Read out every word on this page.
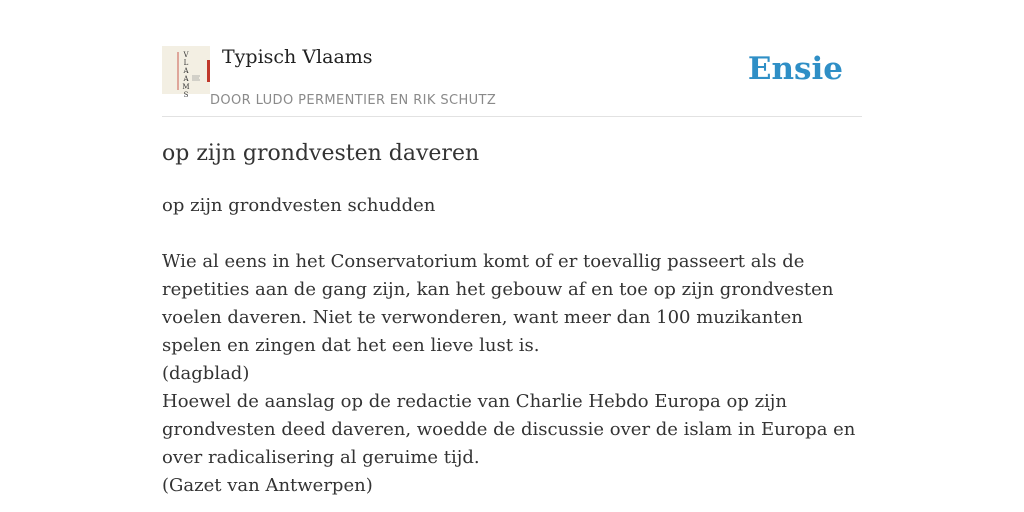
V
L
A
A
M
S
Typisch Vlaams
DOOR LUDO PERMENTIER EN RIK SCHUTZ
Ensie
op zijn grondvesten daveren

op zijn grondvesten schudden

Wie al eens in het Conservatorium komt of er toevallig passeert als de repetities aan de gang zijn, kan het gebouw af en toe op zijn grondvesten voelen daveren. Niet te verwonderen, want meer dan 100 muzikanten spelen en zingen dat het een lieve lust is.

(dagblad)

Hoewel de aanslag op de redactie van Charlie Hebdo Europa op zijn grondvesten deed daveren, woedde de discussie over de islam in Europa en over radicalisering al geruime tijd.

(Gazet van Antwerpen)
